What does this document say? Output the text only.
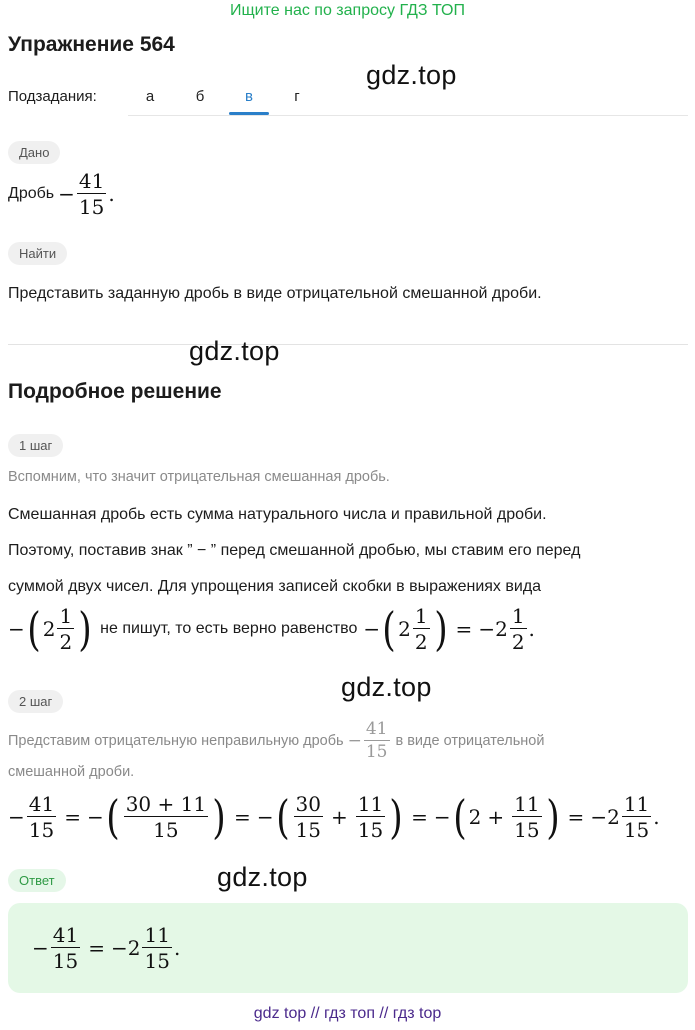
Ищите нас по запросу ГДЗ ТОП
Упражнение 564
gdz.top
Подзадания:	а	б	в	г
Дано
Дробь − $\frac{41}{15}$ .
Найти
Представить заданную дробь в виде отрицательной смешанной дроби.
gdz.top
Подробное решение
1 шаг
Вспомним, что значит отрицательная смешанная дробь.
Смешанная дробь есть сумма натурального числа и правильной дроби.
Поэтому, поставив знак ” − ” перед смешанной дробью, мы ставим его перед
суммой двух чисел. Для упрощения записей скобки в выражениях вида
− ( $2 \frac{1}{2}$ ) не пишут, то есть верно равенство − ( $2 \frac{1}{2}$ ) = − $2 \frac{1}{2}$ .
gdz.top
2 шаг
Представим отрицательную неправильную дробь − $\frac{41}{15}$ в виде отрицательной
смешанной дроби.
− $\frac{41}{15}$ = − ( $\frac{30 + 11}{15}$ ) = − ( $\frac{30}{15} + \frac{11}{15}$ ) = − ( $2 + \frac{11}{15}$ ) = − $2 \frac{11}{15}$ .
gdz.top
Ответ
− $\frac{41}{15}$ = − $2 \frac{11}{15}$ .
gdz top // гдз топ // гдз top
